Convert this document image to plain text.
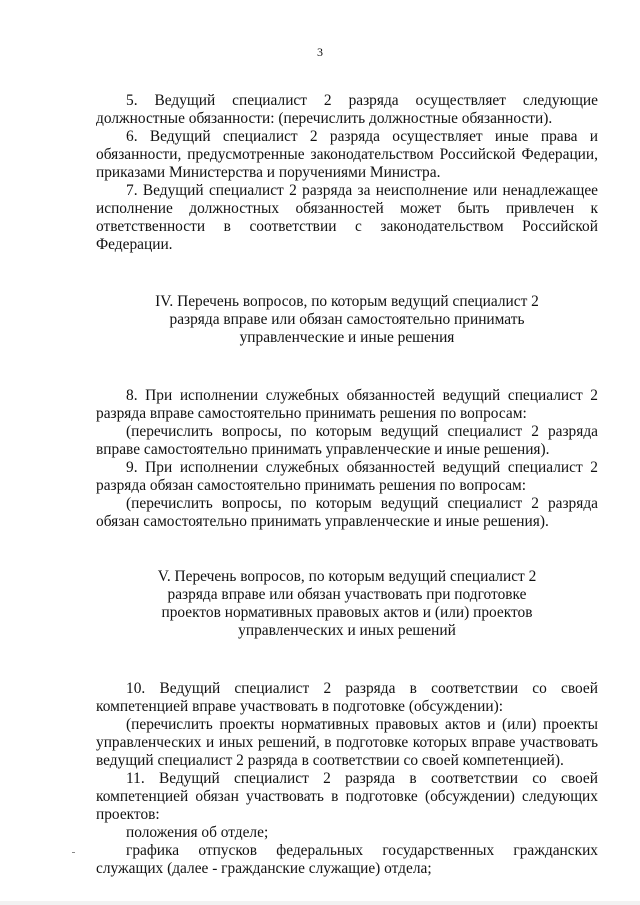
3

5. Ведущий специалист 2 разряда осуществляет следующие должностные обязанности: (перечислить должностные обязанности).

6. Ведущий специалист 2 разряда осуществляет иные права и обязанности, предусмотренные законодательством Российской Федерации, приказами Министерства и поручениями Министра.

7. Ведущий специалист 2 разряда за неисполнение или ненадлежащее исполнение должностных обязанностей может быть привлечен к ответственности в соответствии с законодательством Российской Федерации.

IV. Перечень вопросов, по которым ведущий специалист 2 разряда вправе или обязан самостоятельно принимать управленческие и иные решения

8. При исполнении служебных обязанностей ведущий специалист 2 разряда вправе самостоятельно принимать решения по вопросам:

(перечислить вопросы, по которым ведущий специалист 2 разряда вправе самостоятельно принимать управленческие и иные решения).

9. При исполнении служебных обязанностей ведущий специалист 2 разряда обязан самостоятельно принимать решения по вопросам:

(перечислить вопросы, по которым ведущий специалист 2 разряда обязан самостоятельно принимать управленческие и иные решения).

V. Перечень вопросов, по которым ведущий специалист 2 разряда вправе или обязан участвовать при подготовке проектов нормативных правовых актов и (или) проектов управленческих и иных решений

10. Ведущий специалист 2 разряда в соответствии со своей компетенцией вправе участвовать в подготовке (обсуждении):

(перечислить проекты нормативных правовых актов и (или) проекты управленческих и иных решений, в подготовке которых вправе участвовать ведущий специалист 2 разряда в соответствии со своей компетенцией).

11. Ведущий специалист 2 разряда в соответствии со своей компетенцией обязан участвовать в подготовке (обсуждении) следующих проектов:

положения об отделе;

графика отпусков федеральных государственных гражданских служащих (далее - гражданские служащие) отдела;
